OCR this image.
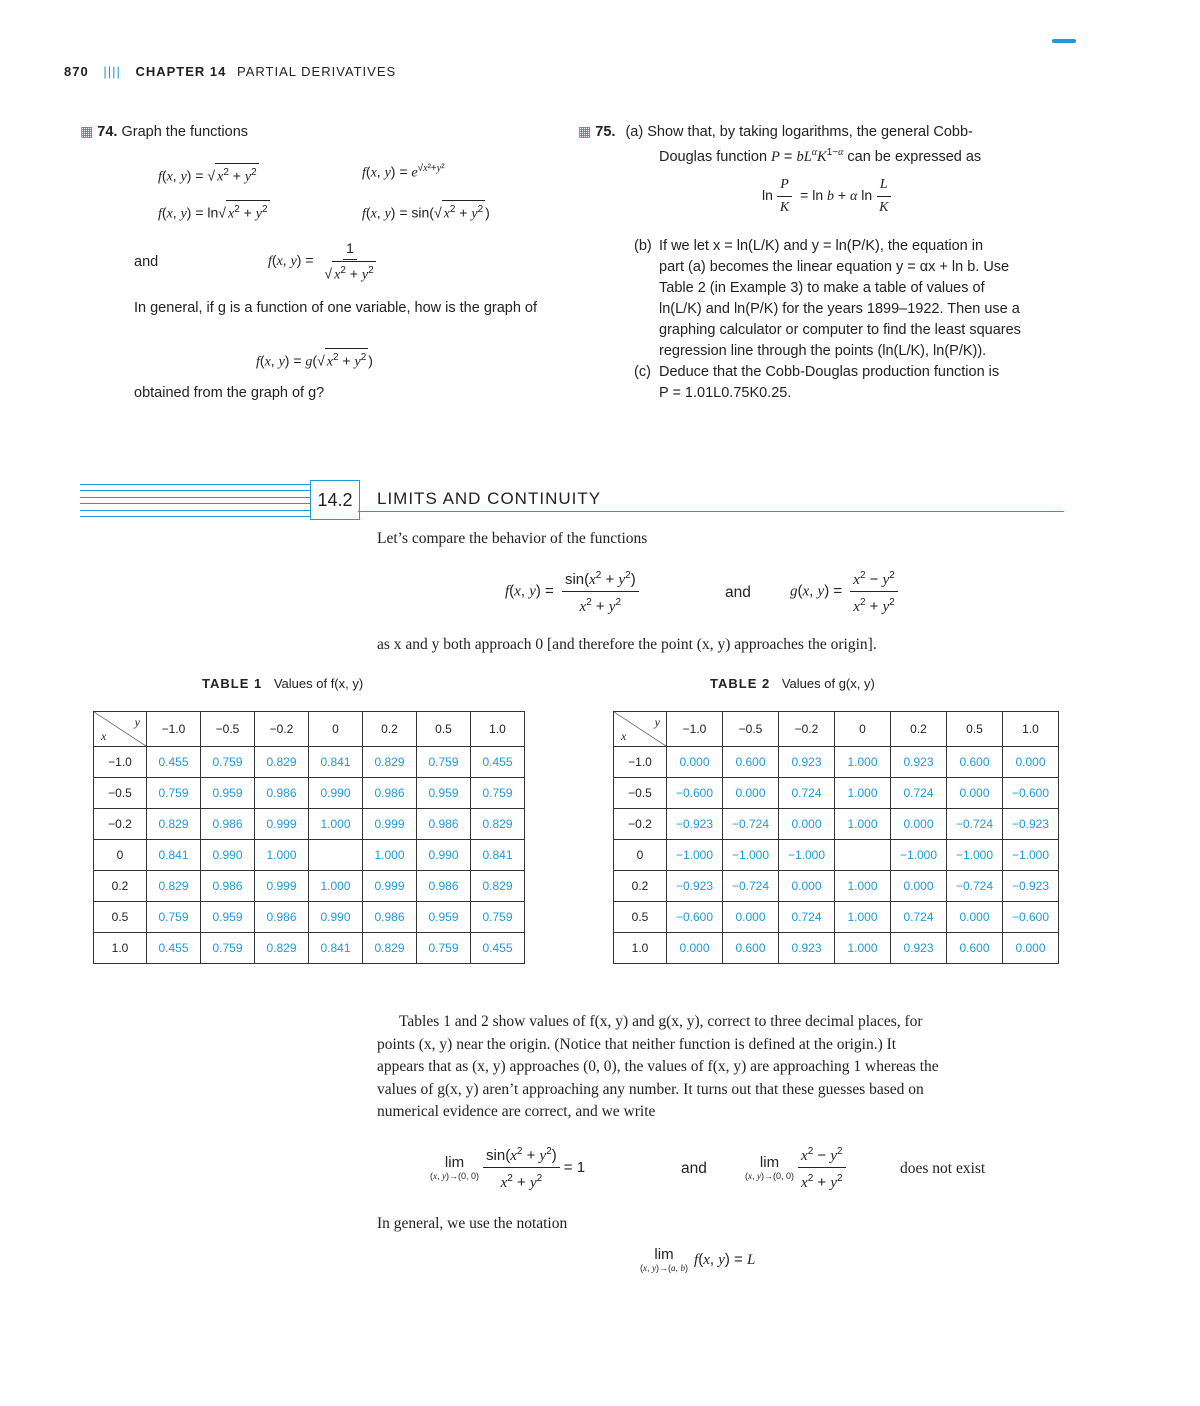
870 |||| CHAPTER 14 PARTIAL DERIVATIVES
▦ 74. Graph the functions
f(x, y) = √ $x^2 + y^2$	f(x, $y) = e^{√x^2+y^2}$
f(x, y) = ln√ $x^2 + y^2$	f(x, y) = sin(√ $x^2 + y^2$ )
and	f(x, $y) = \frac{1}{√ x^2 + y^2}$
In general, if g is a function of one variable, how is the graph of
f(x, y) = g(√ $x^2 + y^2$ )
obtained from the graph of g?
▦ 75. (a) Show that, by taking logarithms, the general Cobb-
Douglas function $P = bL^\alpha K^{1-\alpha}$ can be expressed as
$\ln \frac{P}{K} = \ln b + \alpha$ $\ln \frac{L}{K}$
(b) If we let x = ln(L/K) and y = ln(P/K), the equation in
part (a) becomes the linear equation y = αx + ln b. Use
Table 2 (in Example 3) to make a table of values of
ln(L/K) and ln(P/K) for the years 1899–1922. Then use a
graphing calculator or computer to find the least squares
regression line through the points (ln(L/K), ln(P/K)).
(c) Deduce that the Cobb-Douglas production function is
P = 1.01L0.75K0.25.
14.2 LIMITS AND CONTINUITY
Let’s compare the behavior of the functions
f(x, $y) = \frac{\sin(x^2 + y^2)}{x^2 + y^2}$	and	g(x, $y) = \frac{x^2 - y^2}{x^2 + y^2}$
as x and y both approach 0 [and therefore the point (x, y) approaches the origin].
TABLE 1 Values of f(x, y)
y
x	−1.0	−0.5	−0.2	0	0.2	0.5	1.0
−1.0	0.455	0.759	0.829	0.841	0.829	0.759	0.455
−0.5	0.759	0.959	0.986	0.990	0.986	0.959	0.759
−0.2	0.829	0.986	0.999	1.000	0.999	0.986	0.829
0	0.841	0.990	1.000		1.000	0.990	0.841
0.2	0.829	0.986	0.999	1.000	0.999	0.986	0.829
0.5	0.759	0.959	0.986	0.990	0.986	0.959	0.759
1.0	0.455	0.759	0.829	0.841	0.829	0.759	0.455
TABLE 2 Values of g(x, y)
y
x	−1.0	−0.5	−0.2	0	0.2	0.5	1.0
−1.0	0.000	0.600	0.923	1.000	0.923	0.600	0.000
−0.5	−0.600	0.000	0.724	1.000	0.724	0.000	−0.600
−0.2	−0.923	−0.724	0.000	1.000	0.000	−0.724	−0.923
0	−1.000	−1.000	−1.000		−1.000	−1.000	−1.000
0.2	−0.923	−0.724	0.000	1.000	0.000	−0.724	−0.923
0.5	−0.600	0.000	0.724	1.000	0.724	0.000	−0.600
1.0	0.000	0.600	0.923	1.000	0.923	0.600	0.000
Tables 1 and 2 show values of f(x, y) and g(x, y), correct to three decimal places, for
points (x, y) near the origin. (Notice that neither function is defined at the origin.) It
appears that as (x, y) approaches (0, 0), the values of f(x, y) are approaching 1 whereas the
values of g(x, y) aren’t approaching any number. It turns out that these guesses based on
numerical evidence are correct, and we write
lim
(x, y)→(0, $0) \frac{\sin(x^2 + y^2)}{x^2 + y^2} = 1$	and	lim
(x, y)→(0, $0) \frac{x^2 - y^2}{x^2 + y^2}$	does not exist
In general, we use the notation
lim
(x, y)→(a, b)
f(x, y) = L
